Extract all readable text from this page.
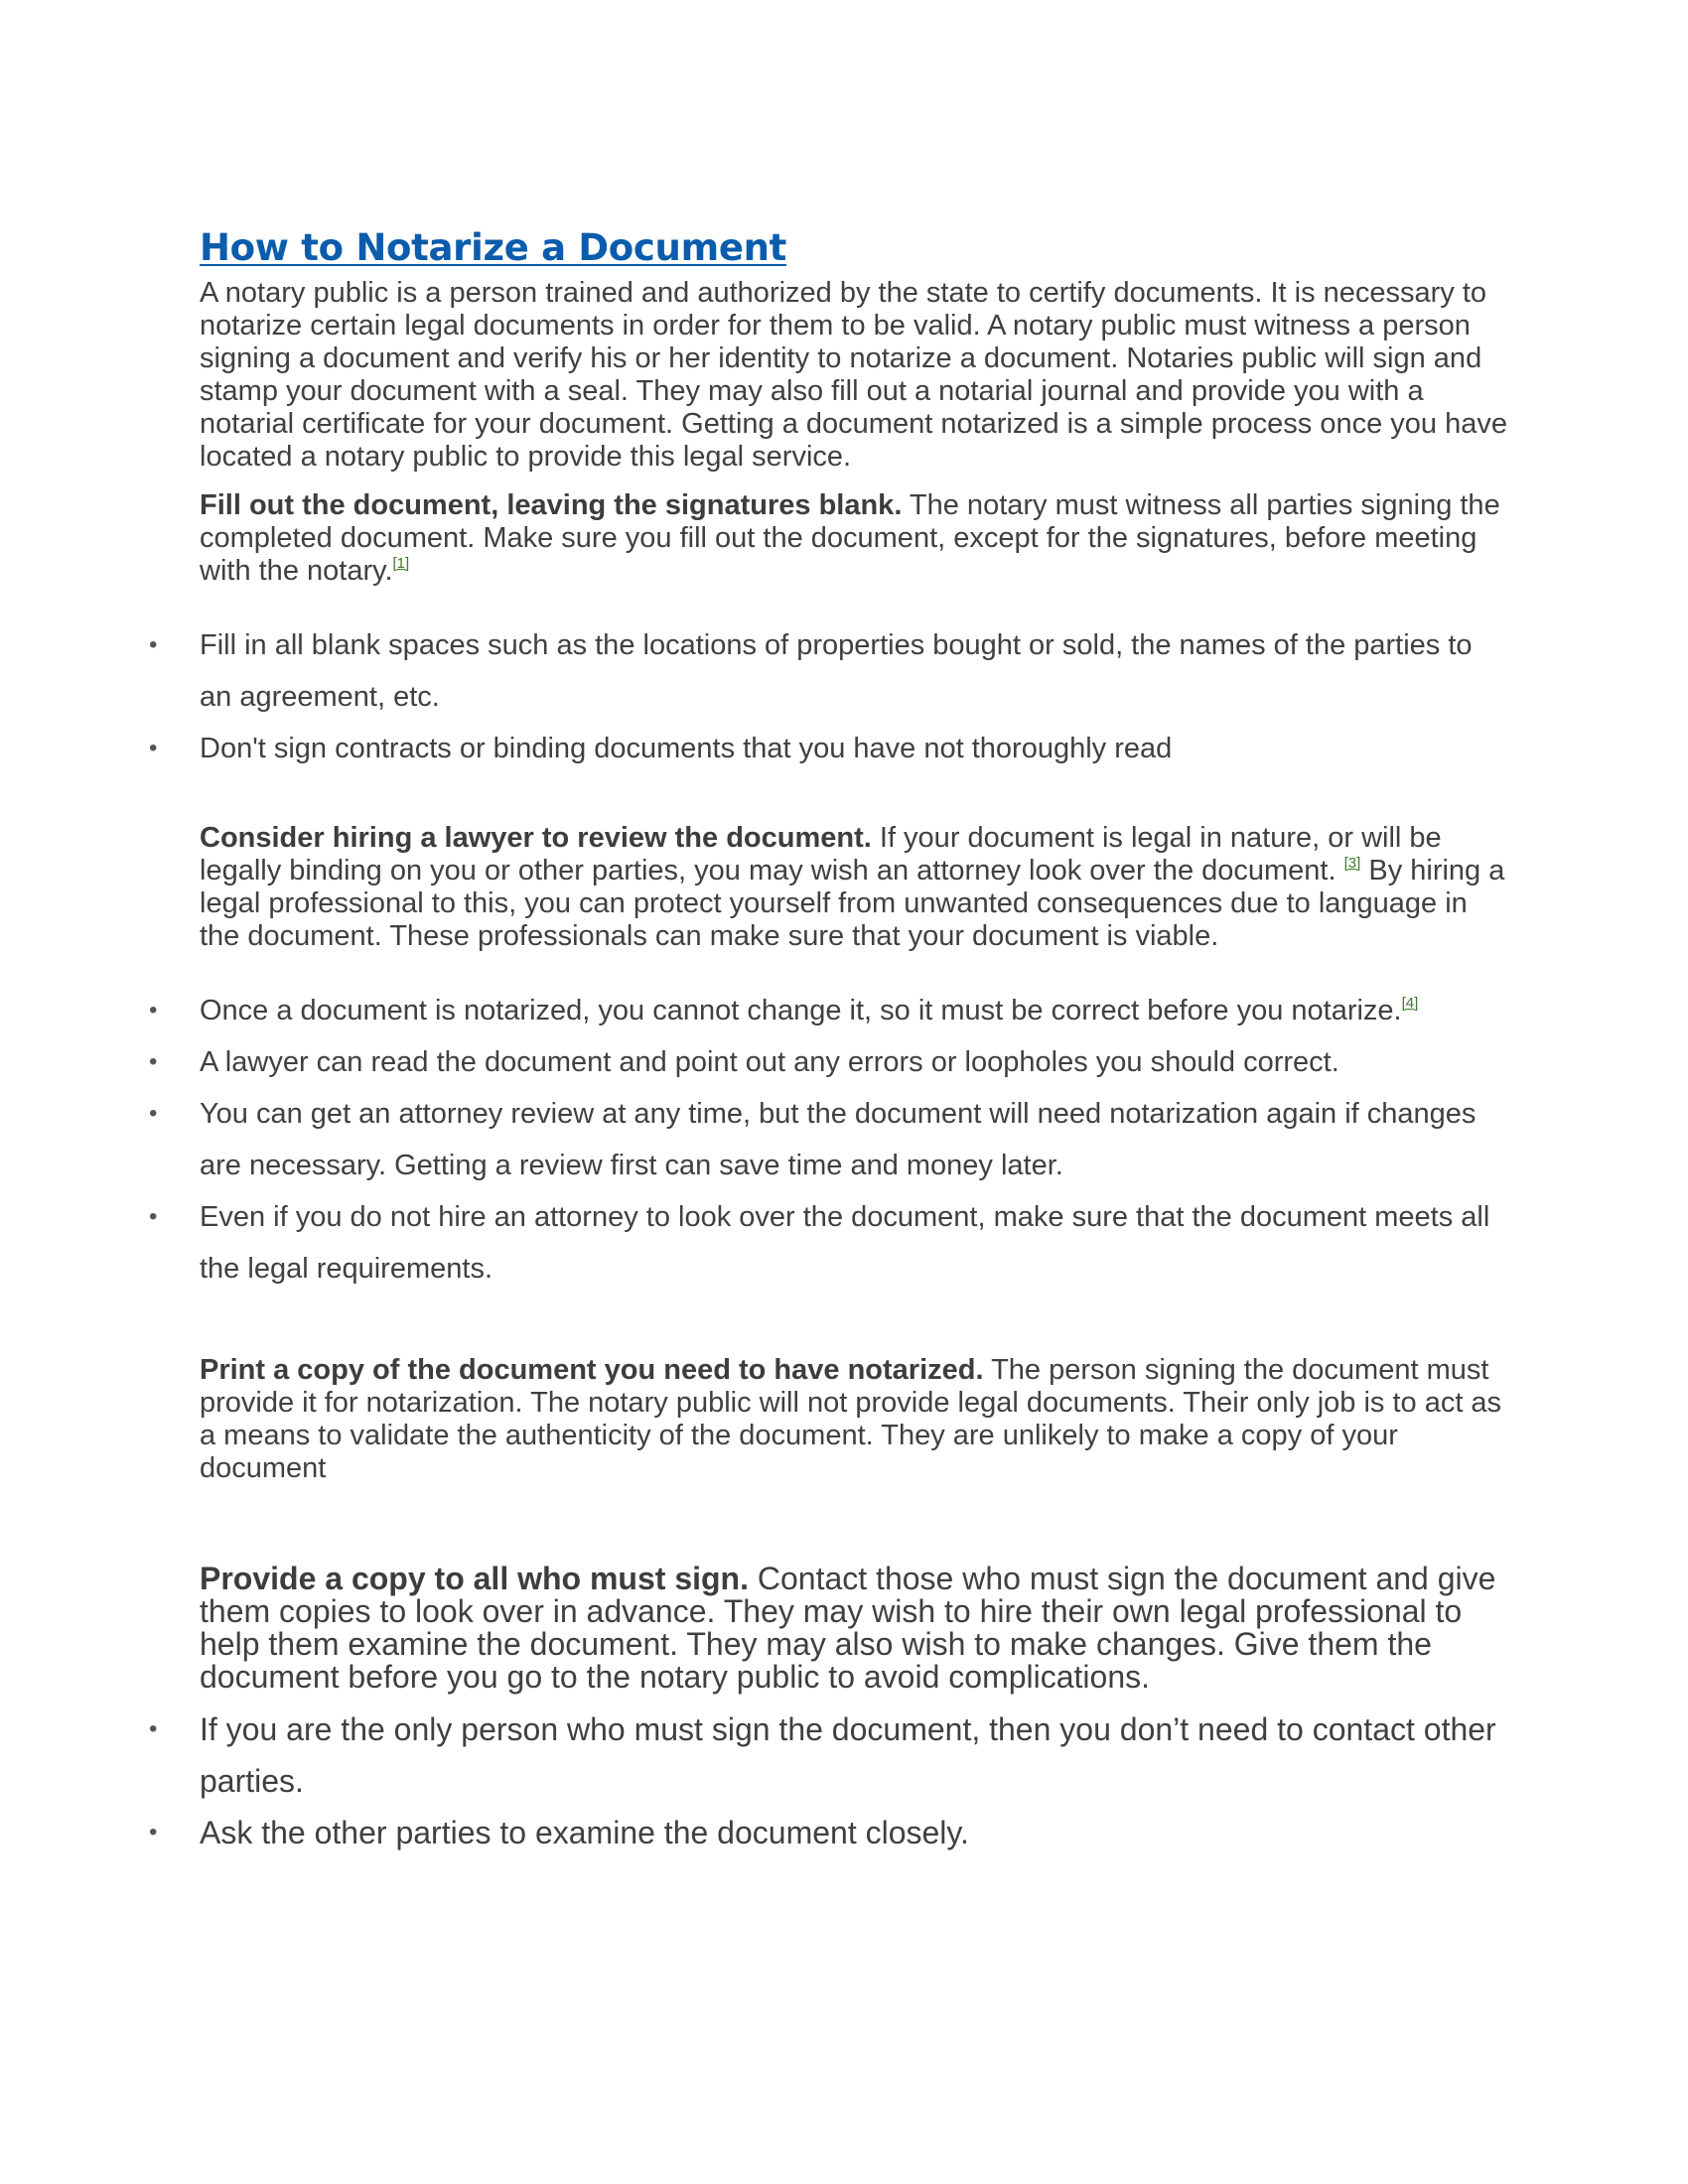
How to Notarize a Document

A notary public is a person trained and authorized by the state to certify documents. It is necessary to notarize certain legal documents in order for them to be valid. A notary public must witness a person signing a document and verify his or her identity to notarize a document. Notaries public will sign and stamp your document with a seal. They may also fill out a notarial journal and provide you with a notarial certificate for your document. Getting a document notarized is a simple process once you have located a notary public to provide this legal service.

Fill out the document, leaving the signatures blank. The notary must witness all parties signing the completed document. Make sure you fill out the document, except for the signatures, before meeting with the notary.[1]

• Fill in all blank spaces such as the locations of properties bought or sold, the names of the parties to an agreement, etc.
• Don't sign contracts or binding documents that you have not thoroughly read

Consider hiring a lawyer to review the document. If your document is legal in nature, or will be legally binding on you or other parties, you may wish an attorney look over the document. [3] By hiring a legal professional to this, you can protect yourself from unwanted consequences due to language in the document. These professionals can make sure that your document is viable.

• Once a document is notarized, you cannot change it, so it must be correct before you notarize.[4]
• A lawyer can read the document and point out any errors or loopholes you should correct.
• You can get an attorney review at any time, but the document will need notarization again if changes are necessary. Getting a review first can save time and money later.
• Even if you do not hire an attorney to look over the document, make sure that the document meets all the legal requirements.

Print a copy of the document you need to have notarized. The person signing the document must provide it for notarization. The notary public will not provide legal documents. Their only job is to act as a means to validate the authenticity of the document. They are unlikely to make a copy of your document

Provide a copy to all who must sign. Contact those who must sign the document and give them copies to look over in advance. They may wish to hire their own legal professional to help them examine the document. They may also wish to make changes. Give them the document before you go to the notary public to avoid complications.

• If you are the only person who must sign the document, then you don’t need to contact other parties.
• Ask the other parties to examine the document closely.
